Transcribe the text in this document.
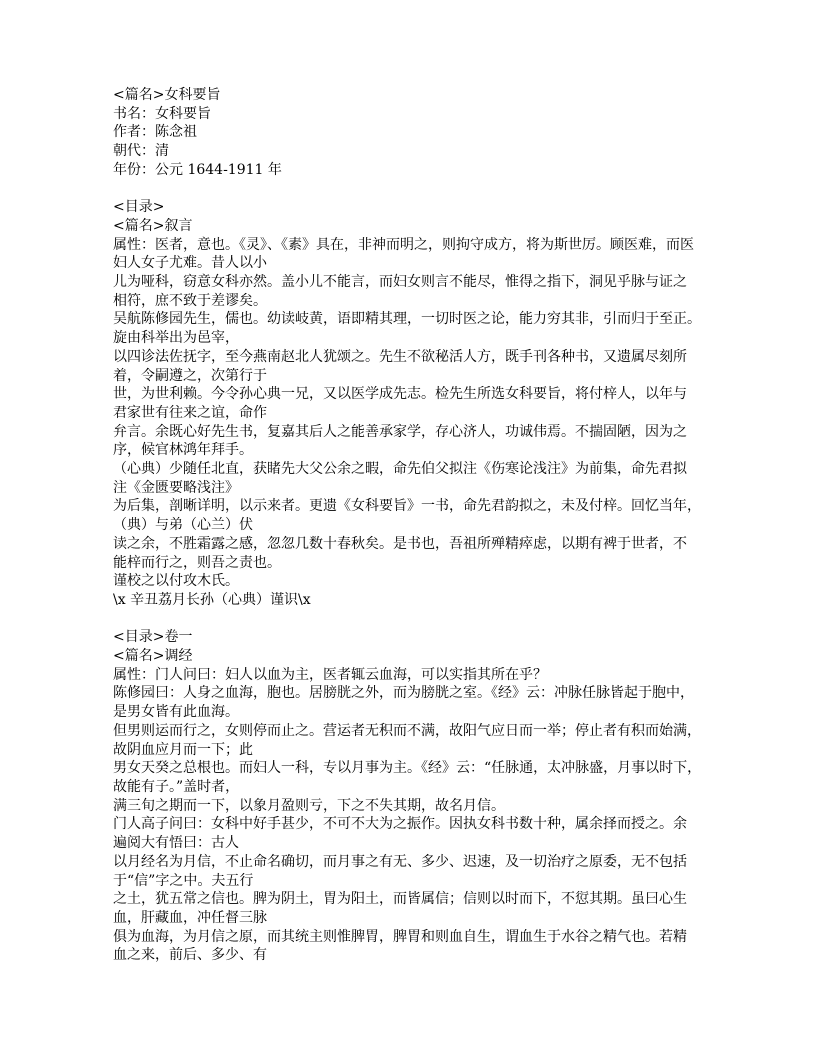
<篇名>女科要旨
书名：女科要旨
作者：陈念祖
朝代：清
年份：公元 1644-1911 年
<目录>
<篇名>叙言
属性：医者，意也。《灵》、《素》具在，非神而明之，则拘守成方，将为斯世厉。顾医难，而医
妇人女子尤难。昔人以小
儿为哑科，窃意女科亦然。盖小儿不能言，而妇女则言不能尽，惟得之指下，洞见乎脉与证之
相符，庶不致于差谬矣。
吴航陈修园先生，儒也。幼读岐黄，语即精其理，一切时医之论，能力穷其非，引而归于至正。
旋由科举出为邑宰，
以四诊法佐抚字，至今燕南赵北人犹颂之。先生不欲秘活人方，既手刊各种书，又遗属尽刻所
着，令嗣遵之，次第行于
世，为世利赖。今令孙心典一兄，又以医学成先志。检先生所选女科要旨，将付梓人，以年与
君家世有往来之谊，命作
弁言。余既心好先生书，复嘉其后人之能善承家学，存心济人，功诚伟焉。不揣固陋，因为之
序，候官林鸿年拜手。
（心典）少随任北直，获睹先大父公余之暇，命先伯父拟注《伤寒论浅注》为前集，命先君拟
注《金匮要略浅注》
为后集，剖晰详明，以示来者。更遗《女科要旨》一书，命先君韵拟之，未及付梓。回忆当年，
（典）与弟（心兰）伏
读之余，不胜霜露之感，忽忽几数十春秋矣。是书也，吾祖所殚精瘁虑，以期有裨于世者，不
能梓而行之，则吾之责也。
谨校之以付攻木氏。
\x 辛丑荔月长孙（心典）谨识\x
<目录>卷一
<篇名>调经
属性：门人问曰：妇人以血为主，医者辄云血海，可以实指其所在乎？
陈修园曰：人身之血海，胞也。居膀胱之外，而为膀胱之室。《经》云：冲脉任脉皆起于胞中，
是男女皆有此血海。
但男则运而行之，女则停而止之。营运者无积而不满，故阳气应日而一举；停止者有积而始满，
故阴血应月而一下；此
男女天癸之总根也。而妇人一科，专以月事为主。《经》云：“任脉通，太冲脉盛，月事以时下，
故能有子。”盖时者，
满三旬之期而一下，以象月盈则亏，下之不失其期，故名月信。
门人高子问曰：女科中好手甚少，不可不大为之振作。因执女科书数十种，属余择而授之。余
遍阅大有悟曰：古人
以月经名为月信，不止命名确切，而月事之有无、多少、迟速，及一切治疗之原委，无不包括
于“信”字之中。夫五行
之土，犹五常之信也。脾为阴土，胃为阳土，而皆属信；信则以时而下，不愆其期。虽曰心生
血，肝藏血，冲任督三脉
俱为血海，为月信之原，而其统主则惟脾胃，脾胃和则血自生，谓血生于水谷之精气也。若精
血之来，前后、多少、有
